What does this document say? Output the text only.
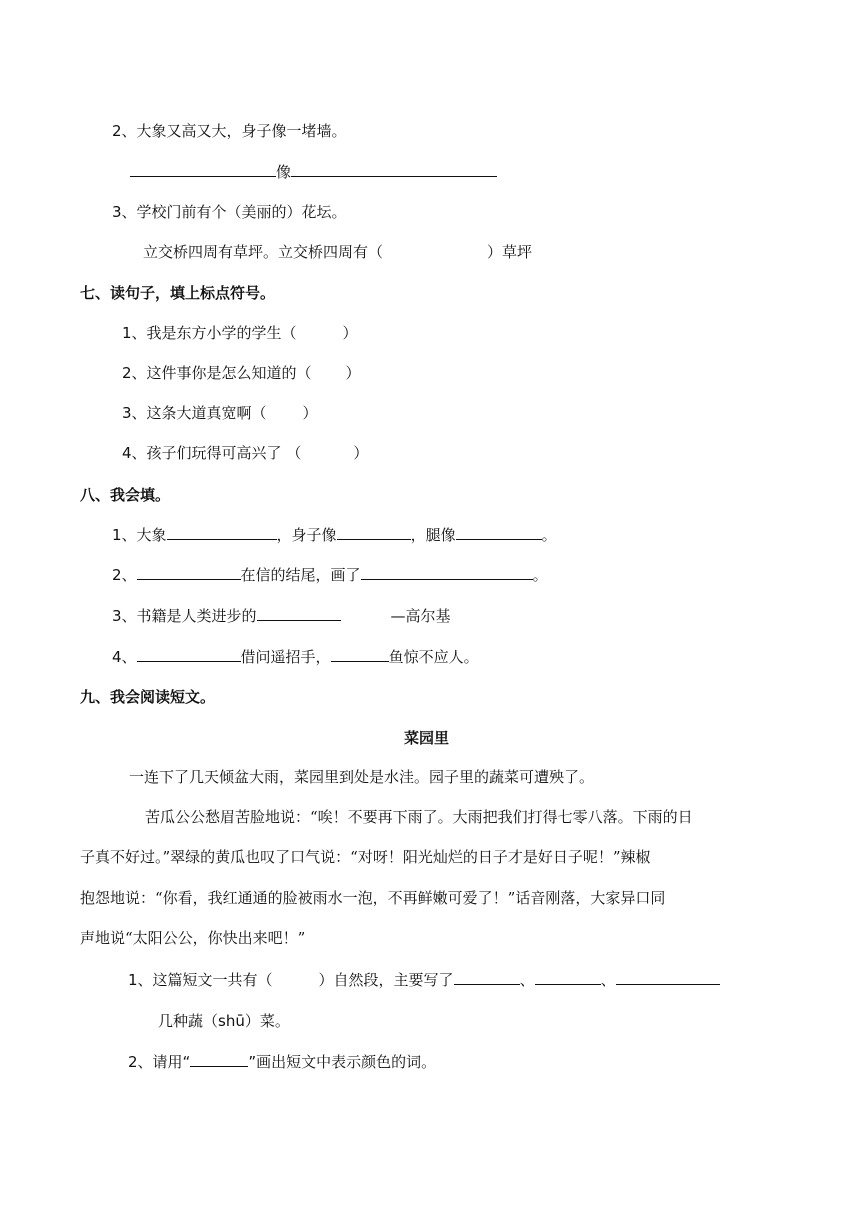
2、大象又高又大，身子像一堵墙。
像
3、学校门前有个（美丽的）花坛。
立交桥四周有草坪。立交桥四周有（	）草坪
七、读句子，填上标点符号。
1、我是东方小学的学生（	）
2、这件事你是怎么知道的（ ）
3、这条大道真宽啊（ ）
4、孩子们玩得可高兴了 （	）
八、我会填。
1、大象	，身子像	，腿像	。
2、	在信的结尾，画了	。
3、书籍是人类进步的	—高尔基
4、	借问遥招手，	鱼惊不应人。
九、我会阅读短文。
菜园里
一连下了几天倾盆大雨，菜园里到处是水洼。园子里的蔬菜可遭殃了。
苦瓜公公愁眉苦脸地说：“唉！不要再下雨了。大雨把我们打得七零八落。下雨的日
子真不好过。”翠绿的黄瓜也叹了口气说：“对呀！阳光灿烂的日子才是好日子呢！”辣椒
抱怨地说：“你看，我红通通的脸被雨水一泡，不再鲜嫩可爱了！”话音刚落，大家异口同
声地说“太阳公公，你快出来吧！”
1、这篇短文一共有（	）自然段，主要写了	、	、
几种蔬（shū）菜。
2、请用“	”画出短文中表示颜色的词。
